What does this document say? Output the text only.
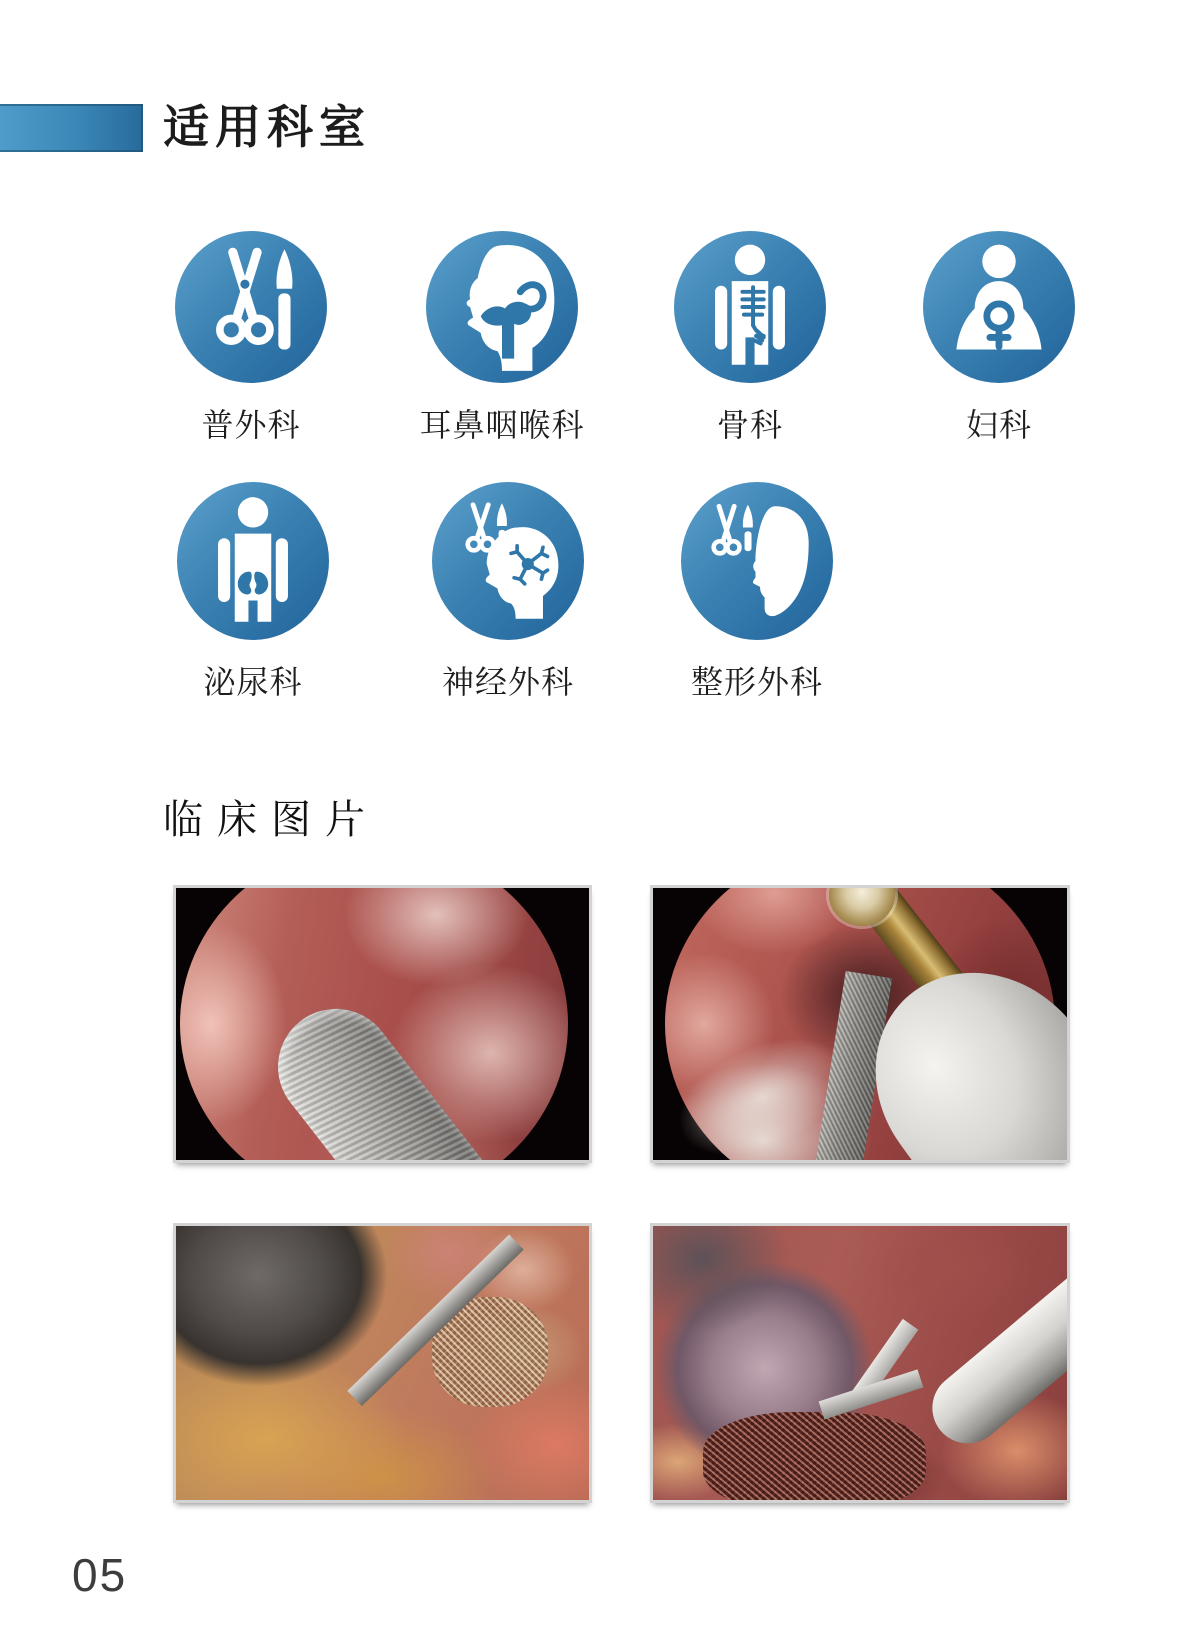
适用科室
普外科	耳鼻咽喉科	骨科	妇科
泌尿科	神经外科	整形外科
临床图片
05
